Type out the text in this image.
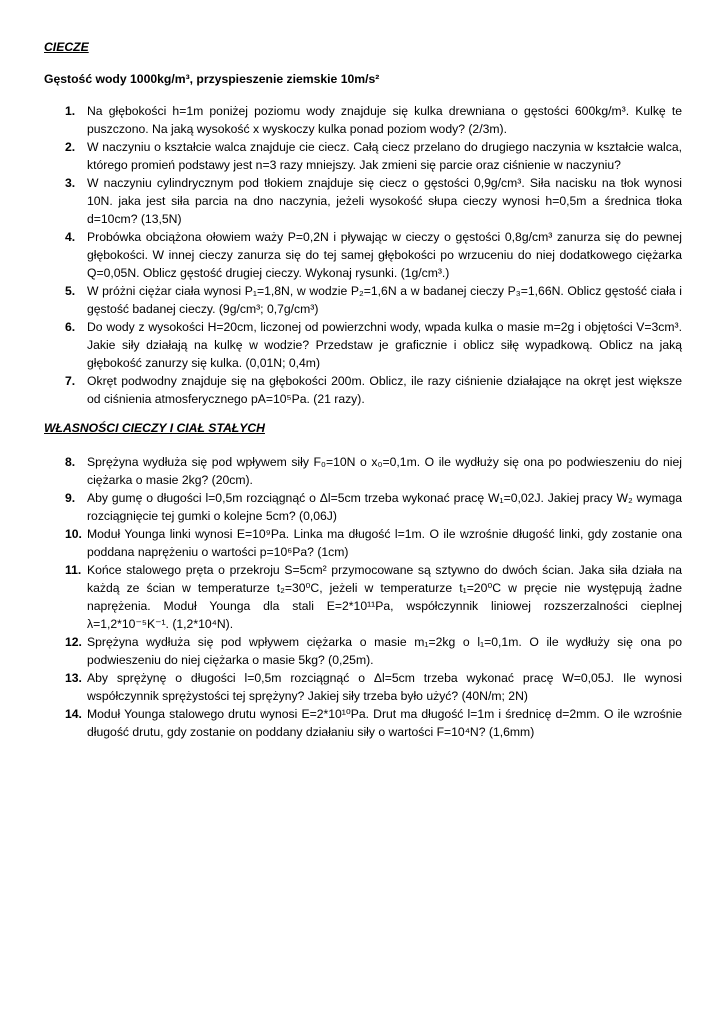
CIECZE

Gęstość wody 1000kg/m³, przyspieszenie ziemskie 10m/s²

1. Na głębokości h=1m poniżej poziomu wody znajduje się kulka drewniana o gęstości 600kg/m³. Kulkę te puszczono. Na jaką wysokość x wyskoczy kulka ponad poziom wody? (2/3m).
2. W naczyniu o kształcie walca znajduje cie ciecz. Całą ciecz przelano do drugiego naczynia w kształcie walca, którego promień podstawy jest n=3 razy mniejszy. Jak zmieni się parcie oraz ciśnienie w naczyniu?
3. W naczyniu cylindrycznym pod tłokiem znajduje się ciecz o gęstości 0,9g/cm³. Siła nacisku na tłok wynosi 10N. jaka jest siła parcia na dno naczynia, jeżeli wysokość słupa cieczy wynosi h=0,5m a średnica tłoka d=10cm? (13,5N)
4. Probówka obciążona ołowiem waży P=0,2N i pływając w cieczy o gęstości 0,8g/cm³ zanurza się do pewnej głębokości. W innej cieczy zanurza się do tej samej głębokości po wrzuceniu do niej dodatkowego ciężarka Q=0,05N. Oblicz gęstość drugiej cieczy. Wykonaj rysunki. (1g/cm³.)
5. W próżni ciężar ciała wynosi P₁=1,8N, w wodzie P₂=1,6N a w badanej cieczy P₃=1,66N. Oblicz gęstość ciała i gęstość badanej cieczy. (9g/cm³; 0,7g/cm³)
6. Do wody z wysokości H=20cm, liczonej od powierzchni wody, wpada kulka o masie m=2g i objętości V=3cm³. Jakie siły działają na kulkę w wodzie? Przedstaw je graficznie i oblicz siłę wypadkową. Oblicz na jaką głębokość zanurzy się kulka. (0,01N; 0,4m)
7. Okręt podwodny znajduje się na głębokości 200m. Oblicz, ile razy ciśnienie działające na okręt jest większe od ciśnienia atmosferycznego pA=10⁵Pa. (21 razy).

WŁASNOŚCI CIECZY I CIAŁ STAŁYCH

8. Sprężyna wydłuża się pod wpływem siły F₀=10N o x₀=0,1m. O ile wydłuży się ona po podwieszeniu do niej ciężarka o masie 2kg? (20cm).
9. Aby gumę o długości l=0,5m rozciągnąć o Δl=5cm trzeba wykonać pracę W₁=0,02J. Jakiej pracy W₂ wymaga rozciągnięcie tej gumki o kolejne 5cm? (0,06J)
10. Moduł Younga linki wynosi E=10⁹Pa. Linka ma długość l=1m. O ile wzrośnie długość linki, gdy zostanie ona poddana naprężeniu o wartości p=10⁶Pa? (1cm)
11. Końce stalowego pręta o przekroju S=5cm² przymocowane są sztywno do dwóch ścian. Jaka siła działa na każdą ze ścian w temperaturze t₂=30⁰C, jeżeli w temperaturze t₁=20⁰C w pręcie nie występują żadne naprężenia. Moduł Younga dla stali E=2*10¹¹Pa, współczynnik liniowej rozszerzalności cieplnej λ=1,2*10⁻⁵K⁻¹. (1,2*10⁴N).
12. Sprężyna wydłuża się pod wpływem ciężarka o masie m₁=2kg o l₁=0,1m. O ile wydłuży się ona po podwieszeniu do niej ciężarka o masie 5kg? (0,25m).
13. Aby sprężynę o długości l=0,5m rozciągnąć o Δl=5cm trzeba wykonać pracę W=0,05J. Ile wynosi współczynnik sprężystości tej sprężyny? Jakiej siły trzeba było użyć? (40N/m; 2N)
14. Moduł Younga stalowego drutu wynosi E=2*10¹⁰Pa. Drut ma długość l=1m i średnicę d=2mm. O ile wzrośnie długość drutu, gdy zostanie on poddany działaniu siły o wartości F=10⁴N? (1,6mm)
